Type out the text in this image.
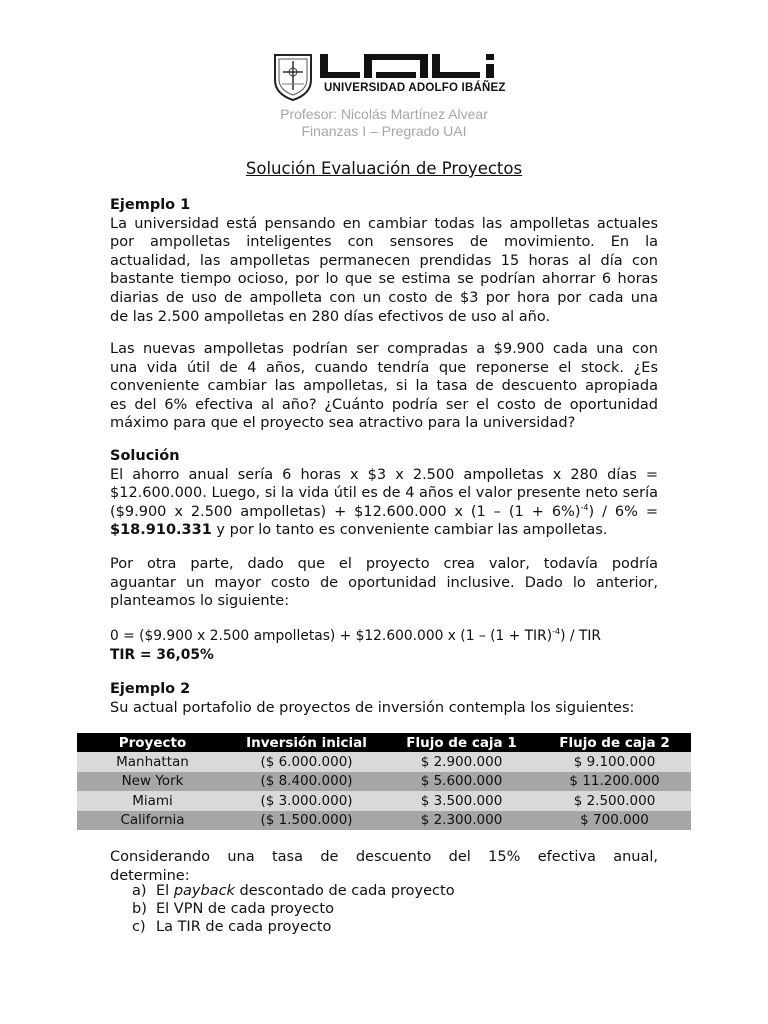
UNIVERSIDAD ADOLFO IBÁÑEZ
Profesor: Nicolás Martínez Alvear
Finanzas I – Pregrado UAI
Solución Evaluación de Proyectos
Ejemplo 1
La universidad está pensando en cambiar todas las ampolletas actuales
por ampolletas inteligentes con sensores de movimiento. En la
actualidad, las ampolletas permanecen prendidas 15 horas al día con
bastante tiempo ocioso, por lo que se estima se podrían ahorrar 6 horas
diarias de uso de ampolleta con un costo de $3 por hora por cada una
de las 2.500 ampolletas en 280 días efectivos de uso al año.
Las nuevas ampolletas podrían ser compradas a $9.900 cada una con
una vida útil de 4 años, cuando tendría que reponerse el stock. ¿Es
conveniente cambiar las ampolletas, si la tasa de descuento apropiada
es del 6% efectiva al año? ¿Cuánto podría ser el costo de oportunidad
máximo para que el proyecto sea atractivo para la universidad?
Solución
El ahorro anual sería 6 horas x $3 x 2.500 ampolletas x 280 días =
$12.600.000. Luego, si la vida útil es de 4 años el valor presente neto sería
($9.900 x 2.500 ampolletas) + $12.600.000 x $(1 - (1 + 6\%)^{-4}) / 6\%$ =
$18.910.331 y por lo tanto es conveniente cambiar las ampolletas.
Por otra parte, dado que el proyecto crea valor, todavía podría
aguantar un mayor costo de oportunidad inclusive. Dado lo anterior,
planteamos lo siguiente:
0 = ($9.900 x 2.500 ampolletas) + $12.600.000 x (1 – (1 + TIR)$^{-4}$) / TIR
TIR = 36,05%
Ejemplo 2
Su actual portafolio de proyectos de inversión contempla los siguientes:
Proyecto	Inversión inicial	Flujo de caja 1	Flujo de caja 2
Manhattan	($ 6.000.000)	$ 2.900.000	$ 9.100.000
New York	($ 8.400.000)	$ 5.600.000	$ 11.200.000
Miami	($ 3.000.000)	$ 3.500.000	$ 2.500.000
California	($ 1.500.000)	$ 2.300.000	$ 700.000
Considerando una tasa de descuento del 15% efectiva anual,
determine:
a) El payback descontado de cada proyecto
b) El VPN de cada proyecto
c) La TIR de cada proyecto
